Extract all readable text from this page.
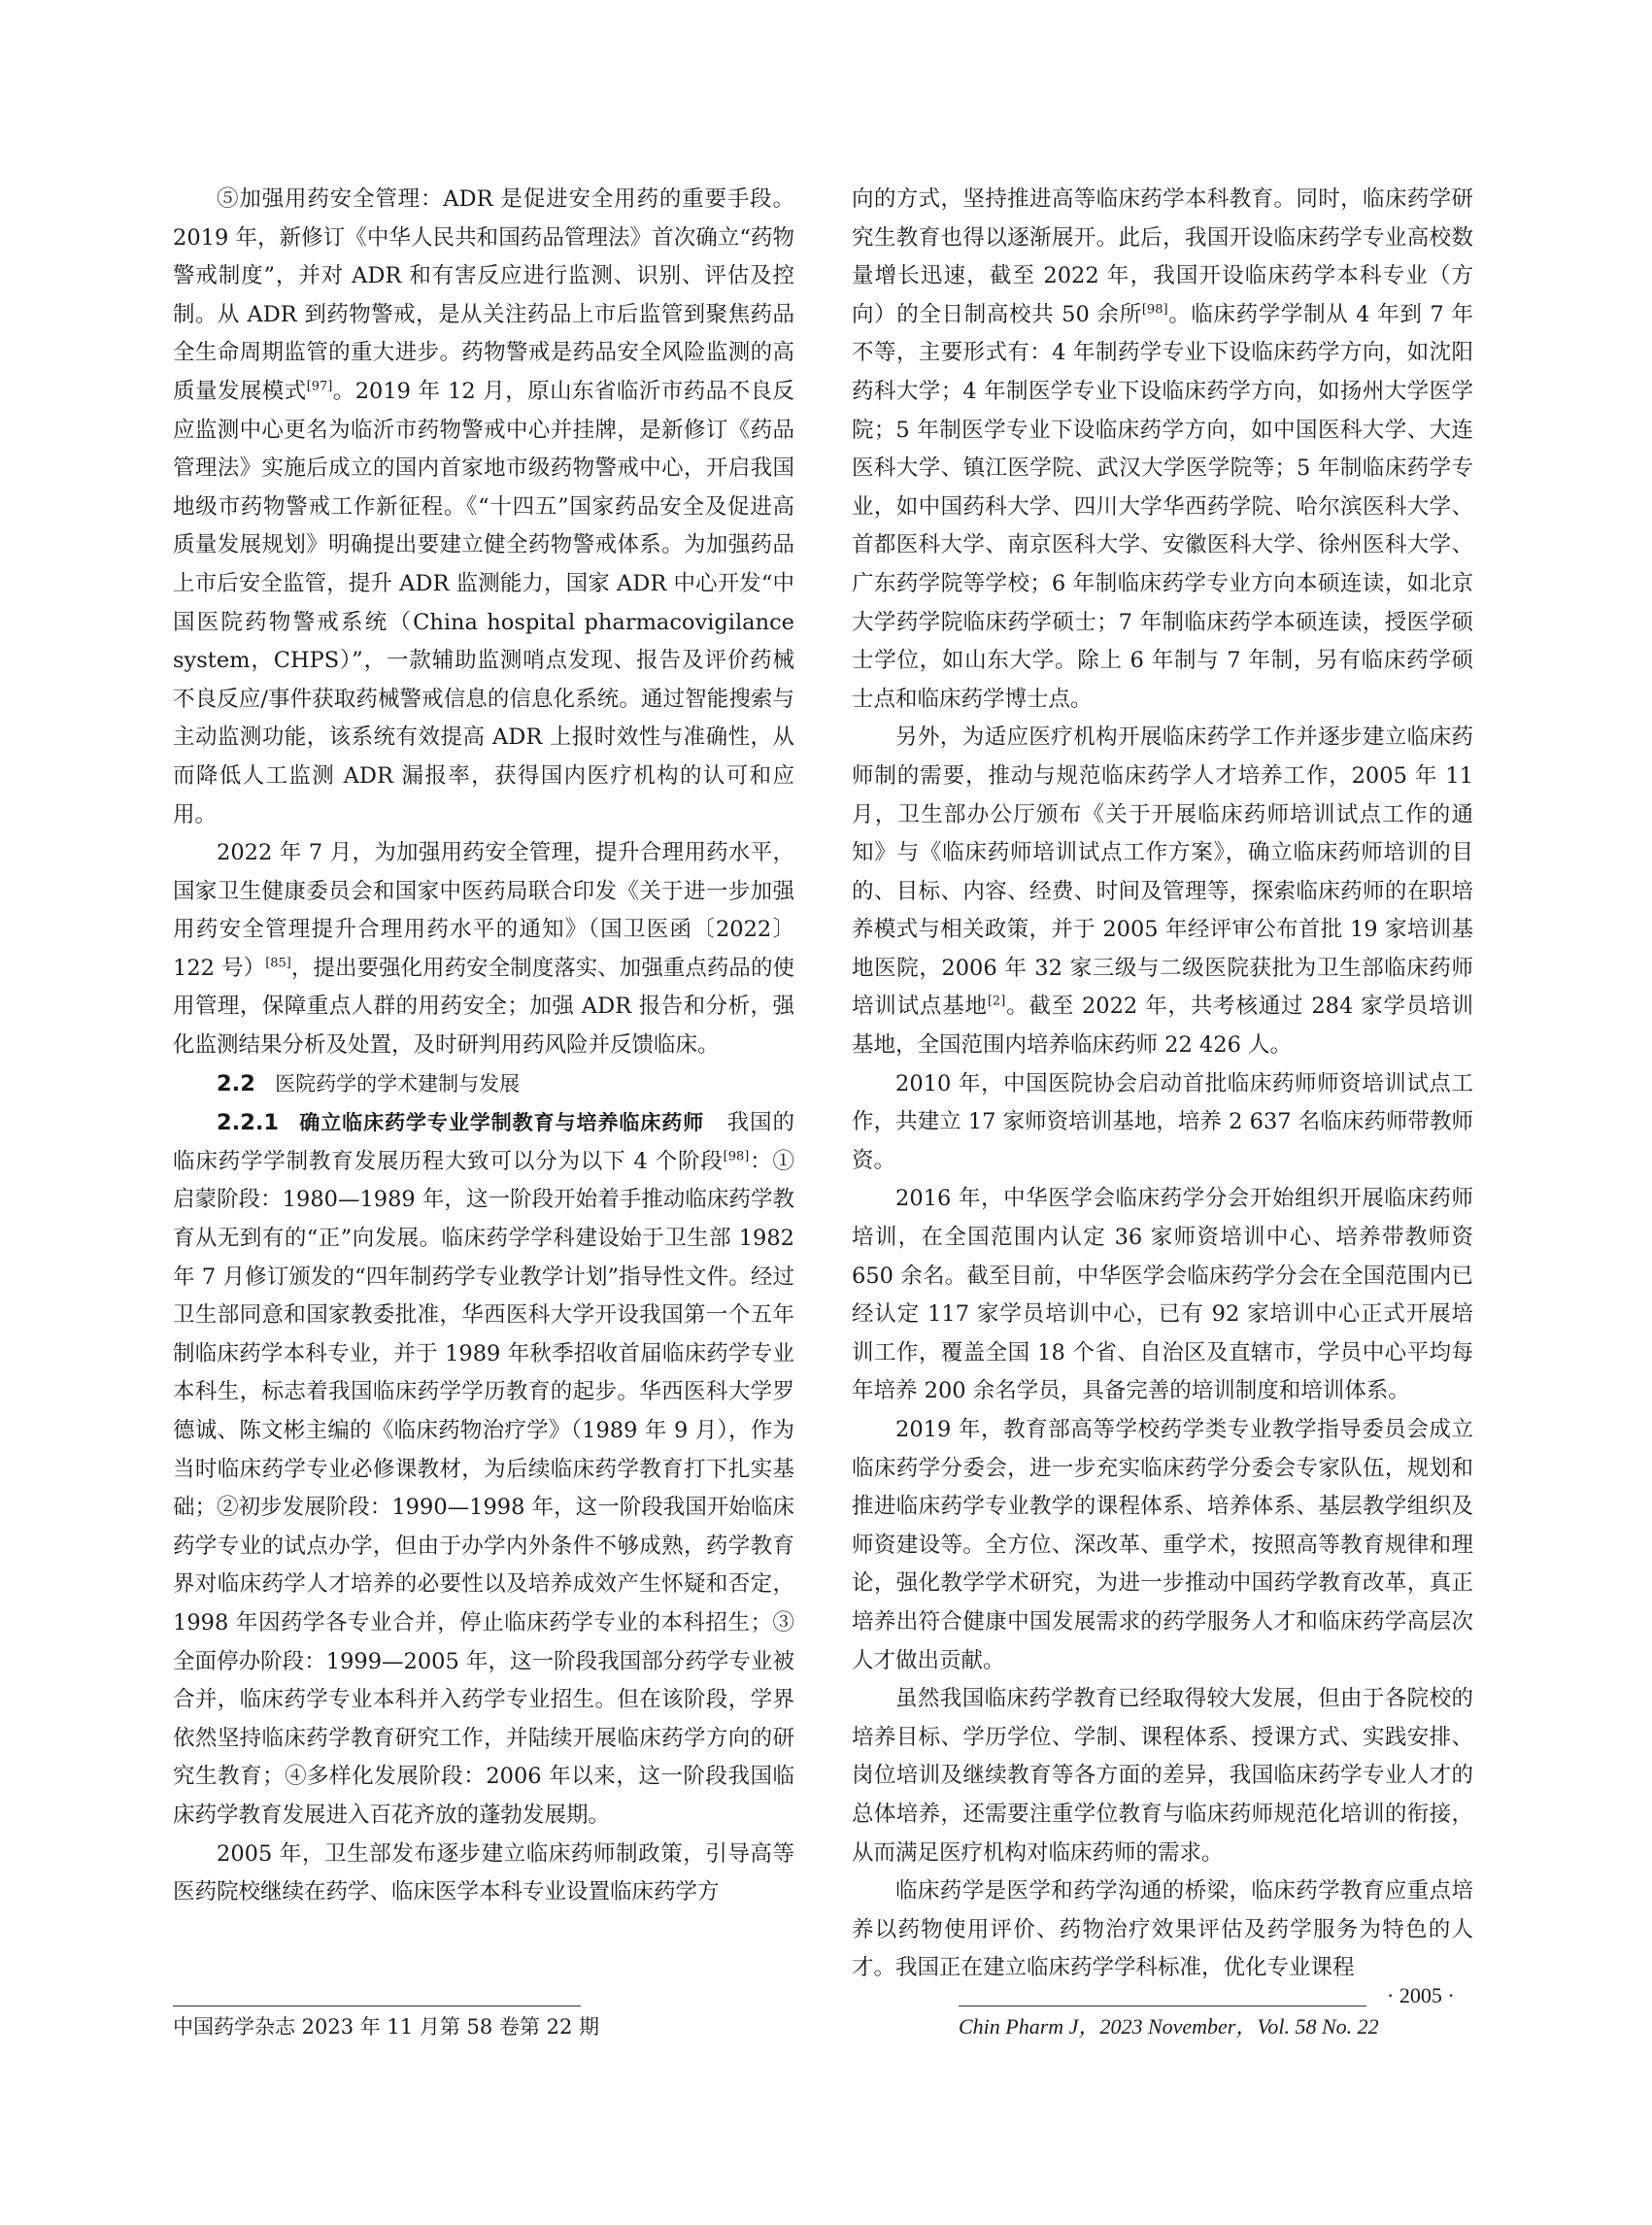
⑤加强用药安全管理：ADR 是促进安全用药的重要手段。2019 年，新修订《中华人民共和国药品管理法》首次确立“药物警戒制度”，并对 ADR 和有害反应进行监测、识别、评估及控制。从 ADR 到药物警戒，是从关注药品上市后监管到聚焦药品全生命周期监管的重大进步。药物警戒是药品安全风险监测的高质量发展模式[97]。2019 年 12 月，原山东省临沂市药品不良反应监测中心更名为临沂市药物警戒中心并挂牌，是新修订《药品管理法》实施后成立的国内首家地市级药物警戒中心，开启我国地级市药物警戒工作新征程。《“十四五”国家药品安全及促进高质量发展规划》明确提出要建立健全药物警戒体系。为加强药品上市后安全监管，提升 ADR 监测能力，国家 ADR 中心开发“中国医院药物警戒系统（China hospital pharmacovigilance system，CHPS）”，一款辅助监测哨点发现、报告及评价药械不良反应/事件获取药械警戒信息的信息化系统。通过智能搜索与主动监测功能，该系统有效提高 ADR 上报时效性与准确性，从而降低人工监测 ADR 漏报率，获得国内医疗机构的认可和应用。

2022 年 7 月，为加强用药安全管理，提升合理用药水平，国家卫生健康委员会和国家中医药局联合印发《关于进一步加强用药安全管理提升合理用药水平的通知》（国卫医函〔2022〕122 号）[85]，提出要强化用药安全制度落实、加强重点药品的使用管理，保障重点人群的用药安全；加强 ADR 报告和分析，强化监测结果分析及处置，及时研判用药风险并反馈临床。

2.2 医院药学的学术建制与发展

2.2.1 确立临床药学专业学制教育与培养临床药师  我国的临床药学学制教育发展历程大致可以分为以下 4 个阶段[98]：①启蒙阶段：1980—1989 年，这一阶段开始着手推动临床药学教育从无到有的“正”向发展。临床药学学科建设始于卫生部 1982 年 7 月修订颁发的“四年制药学专业教学计划”指导性文件。经过卫生部同意和国家教委批准，华西医科大学开设我国第一个五年制临床药学本科专业，并于 1989 年秋季招收首届临床药学专业本科生，标志着我国临床药学学历教育的起步。华西医科大学罗德诚、陈文彬主编的《临床药物治疗学》（1989 年 9 月），作为当时临床药学专业必修课教材，为后续临床药学教育打下扎实基础；②初步发展阶段：1990—1998 年，这一阶段我国开始临床药学专业的试点办学，但由于办学内外条件不够成熟，药学教育界对临床药学人才培养的必要性以及培养成效产生怀疑和否定，1998 年因药学各专业合并，停止临床药学专业的本科招生；③全面停办阶段：1999—2005 年，这一阶段我国部分药学专业被合并，临床药学专业本科并入药学专业招生。但在该阶段，学界依然坚持临床药学教育研究工作，并陆续开展临床药学方向的研究生教育；④多样化发展阶段：2006 年以来，这一阶段我国临床药学教育发展进入百花齐放的蓬勃发展期。

2005 年，卫生部发布逐步建立临床药师制政策，引导高等医药院校继续在药学、临床医学本科专业设置临床药学方

向的方式，坚持推进高等临床药学本科教育。同时，临床药学研究生教育也得以逐渐展开。此后，我国开设临床药学专业高校数量增长迅速，截至 2022 年，我国开设临床药学本科专业（方向）的全日制高校共 50 余所[98]。临床药学学制从 4 年到 7 年不等，主要形式有：4 年制药学专业下设临床药学方向，如沈阳药科大学；4 年制医学专业下设临床药学方向，如扬州大学医学院；5 年制医学专业下设临床药学方向，如中国医科大学、大连医科大学、镇江医学院、武汉大学医学院等；5 年制临床药学专业，如中国药科大学、四川大学华西药学院、哈尔滨医科大学、首都医科大学、南京医科大学、安徽医科大学、徐州医科大学、广东药学院等学校；6 年制临床药学专业方向本硕连读，如北京大学药学院临床药学硕士；7 年制临床药学本硕连读，授医学硕士学位，如山东大学。除上 6 年制与 7 年制，另有临床药学硕士点和临床药学博士点。

另外，为适应医疗机构开展临床药学工作并逐步建立临床药师制的需要，推动与规范临床药学人才培养工作，2005 年 11 月，卫生部办公厅颁布《关于开展临床药师培训试点工作的通知》与《临床药师培训试点工作方案》，确立临床药师培训的目的、目标、内容、经费、时间及管理等，探索临床药师的在职培养模式与相关政策，并于 2005 年经评审公布首批 19 家培训基地医院，2006 年 32 家三级与二级医院获批为卫生部临床药师培训试点基地[2]。截至 2022 年，共考核通过 284 家学员培训基地，全国范围内培养临床药师 22 426 人。

2010 年，中国医院协会启动首批临床药师师资培训试点工作，共建立 17 家师资培训基地，培养 2 637 名临床药师带教师资。

2016 年，中华医学会临床药学分会开始组织开展临床药师培训，在全国范围内认定 36 家师资培训中心、培养带教师资 650 余名。截至目前，中华医学会临床药学分会在全国范围内已经认定 117 家学员培训中心，已有 92 家培训中心正式开展培训工作，覆盖全国 18 个省、自治区及直辖市，学员中心平均每年培养 200 余名学员，具备完善的培训制度和培训体系。

2019 年，教育部高等学校药学类专业教学指导委员会成立临床药学分委会，进一步充实临床药学分委会专家队伍，规划和推进临床药学专业教学的课程体系、培养体系、基层教学组织及师资建设等。全方位、深改革、重学术，按照高等教育规律和理论，强化教学学术研究，为进一步推动中国药学教育改革，真正培养出符合健康中国发展需求的药学服务人才和临床药学高层次人才做出贡献。

虽然我国临床药学教育已经取得较大发展，但由于各院校的培养目标、学历学位、学制、课程体系、授课方式、实践安排、岗位培训及继续教育等各方面的差异，我国临床药学专业人才的总体培养，还需要注重学位教育与临床药师规范化培训的衔接，从而满足医疗机构对临床药师的需求。

临床药学是医学和药学沟通的桥梁，临床药学教育应重点培养以药物使用评价、药物治疗效果评估及药学服务为特色的人才。我国正在建立临床药学学科标准，优化专业课程

· 2005 ·
中国药学杂志 2023 年 11 月第 58 卷第 22 期	Chin Pharm J，2023 November，Vol. 58 No. 22
